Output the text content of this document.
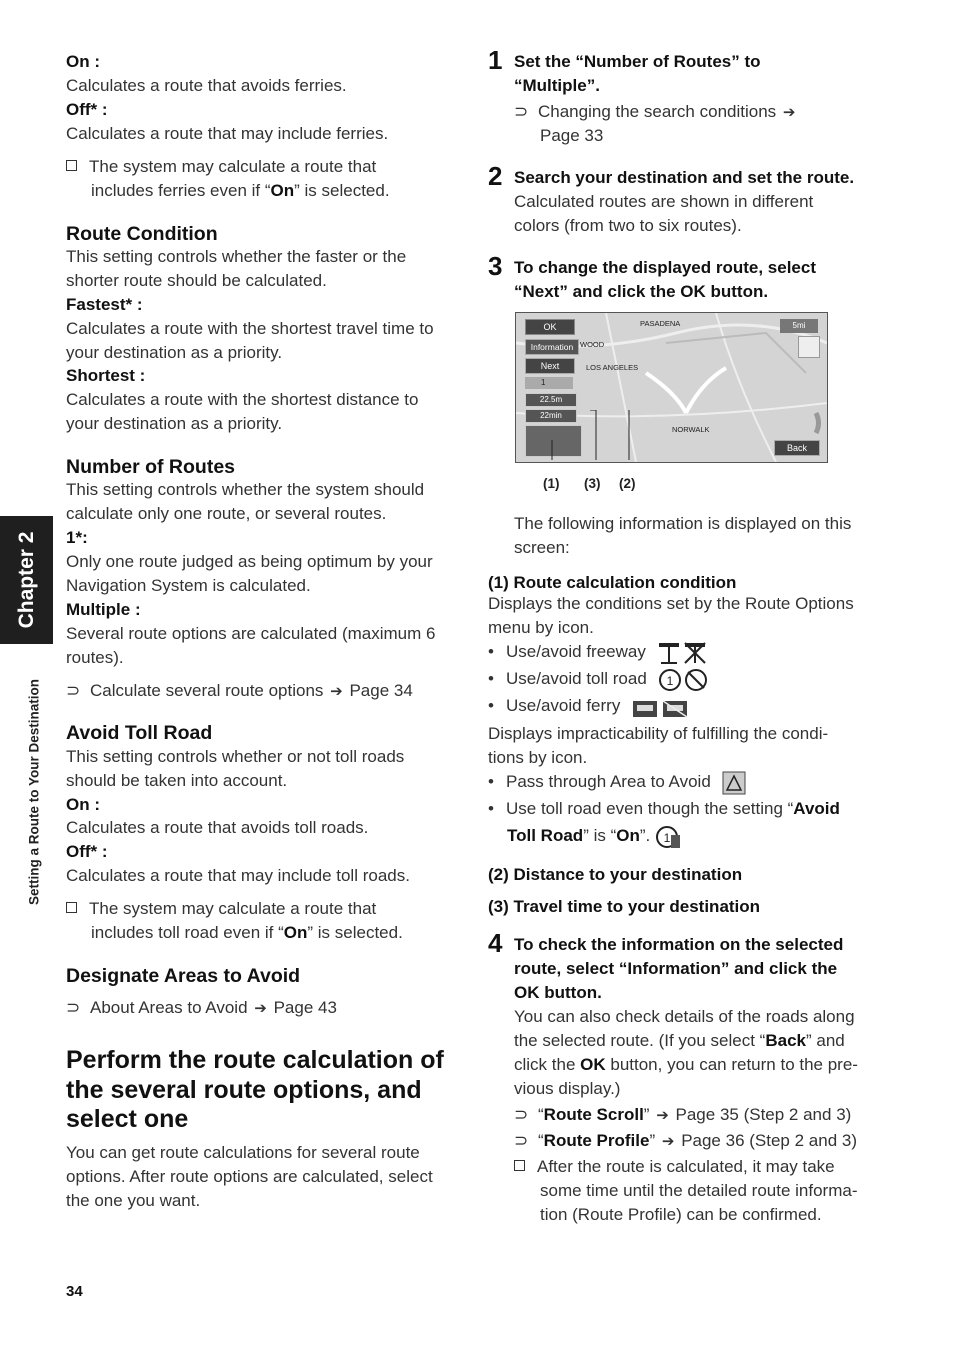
Chapter 2
Setting a Route to Your Destination

On :

Calculates a route that avoids ferries.

Off* :

Calculates a route that may include ferries.

The system may calculate a route that

includes ferries even if “On” is selected.

Route Condition

This setting controls whether the faster or the

shorter route should be calculated.

Fastest* :

Calculates a route with the shortest travel time to

your destination as a priority.

Shortest :

Calculates a route with the shortest distance to

your destination as a priority.

Number of Routes

This setting controls whether the system should

calculate only one route, or several routes.

1*:

Only one route judged as being optimum by your

Navigation System is calculated.

Multiple :

Several route options are calculated (maximum 6

routes).

⊃ Calculate several route options ➔ Page 34

Avoid Toll Road

This setting controls whether or not toll roads

should be taken into account.

On :

Calculates a route that avoids toll roads.

Off* :

Calculates a route that may include toll roads.

The system may calculate a route that

includes toll road even if “On” is selected.

Designate Areas to Avoid

⊃ About Areas to Avoid ➔ Page 43

Perform the route calculation of
the several route options, and
select one

You can get route calculations for several route

options. After route options are calculated, select

the one you want.

1 Set the “Number of Routes” to

“Multiple”.

⊃ Changing the search conditions ➔

Page 33

2 Search your destination and set the route.

Calculated routes are shown in different

colors (from two to six routes).

3 To change the displayed route, select

“Next” and click the OK button.

OK
Information
Next
1
22.5m
22min
PASADENA
WOOD
LOS ANGELES
NORWALK
5mi
Back
(1) (3) (2)

The following information is displayed on this

screen:

(1) Route calculation condition

Displays the conditions set by the Route Options

menu by icon.

• Use/avoid freeway

• Use/avoid toll road 1

• Use/avoid ferry

Displays impracticability of fulfilling the condi-

tions by icon.

• Pass through Area to Avoid

• Use toll road even though the setting “Avoid

Toll Road” is “On”. 1

(2) Distance to your destination

(3) Travel time to your destination

4 To check the information on the selected

route, select “Information” and click the

OK button.

You can also check details of the roads along

the selected route. (If you select “Back” and

click the OK button, you can return to the pre-

vious display.)

⊃ “Route Scroll” ➔ Page 35 (Step 2 and 3)

⊃ “Route Profile” ➔ Page 36 (Step 2 and 3)

After the route is calculated, it may take

some time until the detailed route informa-

tion (Route Profile) can be confirmed.

34
